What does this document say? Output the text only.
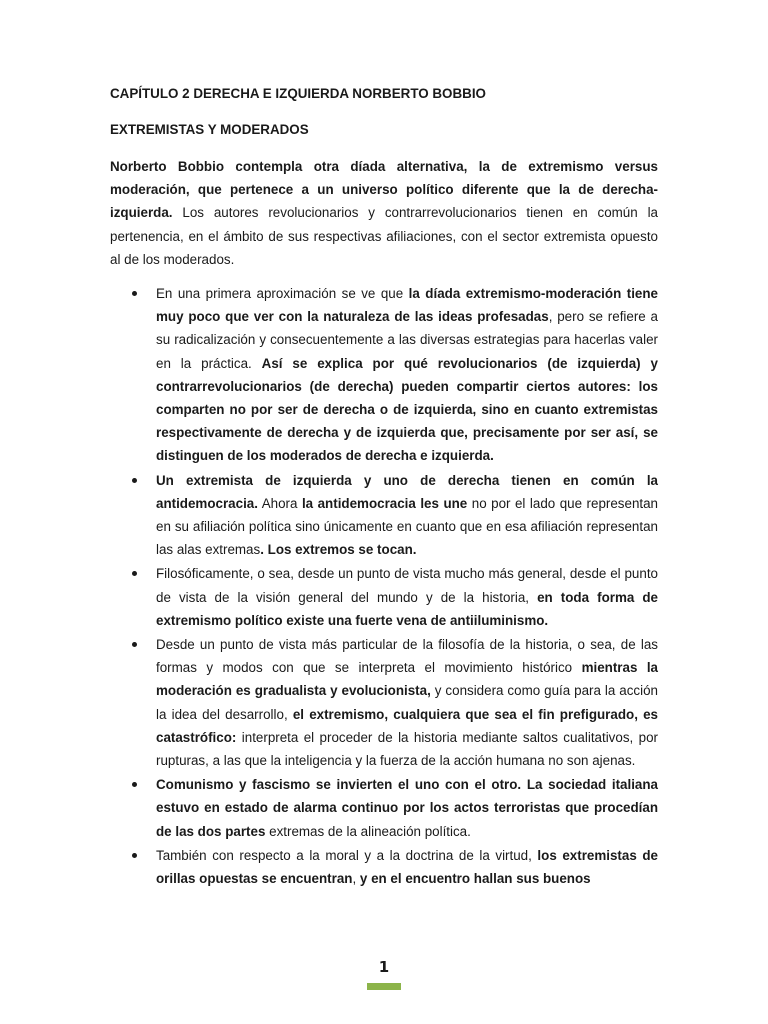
CAPÍTULO 2 DERECHA E IZQUIERDA NORBERTO BOBBIO

EXTREMISTAS Y MODERADOS

Norberto Bobbio contempla otra díada alternativa, la de extremismo versus moderación, que pertenece a un universo político diferente que la de derecha-izquierda. Los autores revolucionarios y contrarrevolucionarios tienen en común la pertenencia, en el ámbito de sus respectivas afiliaciones, con el sector extremista opuesto al de los moderados.

En una primera aproximación se ve que la díada extremismo-moderación tiene muy poco que ver con la naturaleza de las ideas profesadas, pero se refiere a su radicalización y consecuentemente a las diversas estrategias para hacerlas valer en la práctica. Así se explica por qué revolucionarios (de izquierda) y contrarrevolucionarios (de derecha) pueden compartir ciertos autores: los comparten no por ser de derecha o de izquierda, sino en cuanto extremistas respectivamente de derecha y de izquierda que, precisamente por ser así, se distinguen de los moderados de derecha e izquierda.
Un extremista de izquierda y uno de derecha tienen en común la antidemocracia. Ahora la antidemocracia les une no por el lado que representan en su afiliación política sino únicamente en cuanto que en esa afiliación representan las alas extremas. Los extremos se tocan.
Filosóficamente, o sea, desde un punto de vista mucho más general, desde el punto de vista de la visión general del mundo y de la historia, en toda forma de extremismo político existe una fuerte vena de antiiluminismo.
Desde un punto de vista más particular de la filosofía de la historia, o sea, de las formas y modos con que se interpreta el movimiento histórico mientras la moderación es gradualista y evolucionista, y considera como guía para la acción la idea del desarrollo, el extremismo, cualquiera que sea el fin prefigurado, es catastrófico: interpreta el proceder de la historia mediante saltos cualitativos, por rupturas, a las que la inteligencia y la fuerza de la acción humana no son ajenas.
Comunismo y fascismo se invierten el uno con el otro. La sociedad italiana estuvo en estado de alarma continuo por los actos terroristas que procedían de las dos partes extremas de la alineación política.
También con respecto a la moral y a la doctrina de la virtud, los extremistas de orillas opuestas se encuentran, y en el encuentro hallan sus buenos
1
